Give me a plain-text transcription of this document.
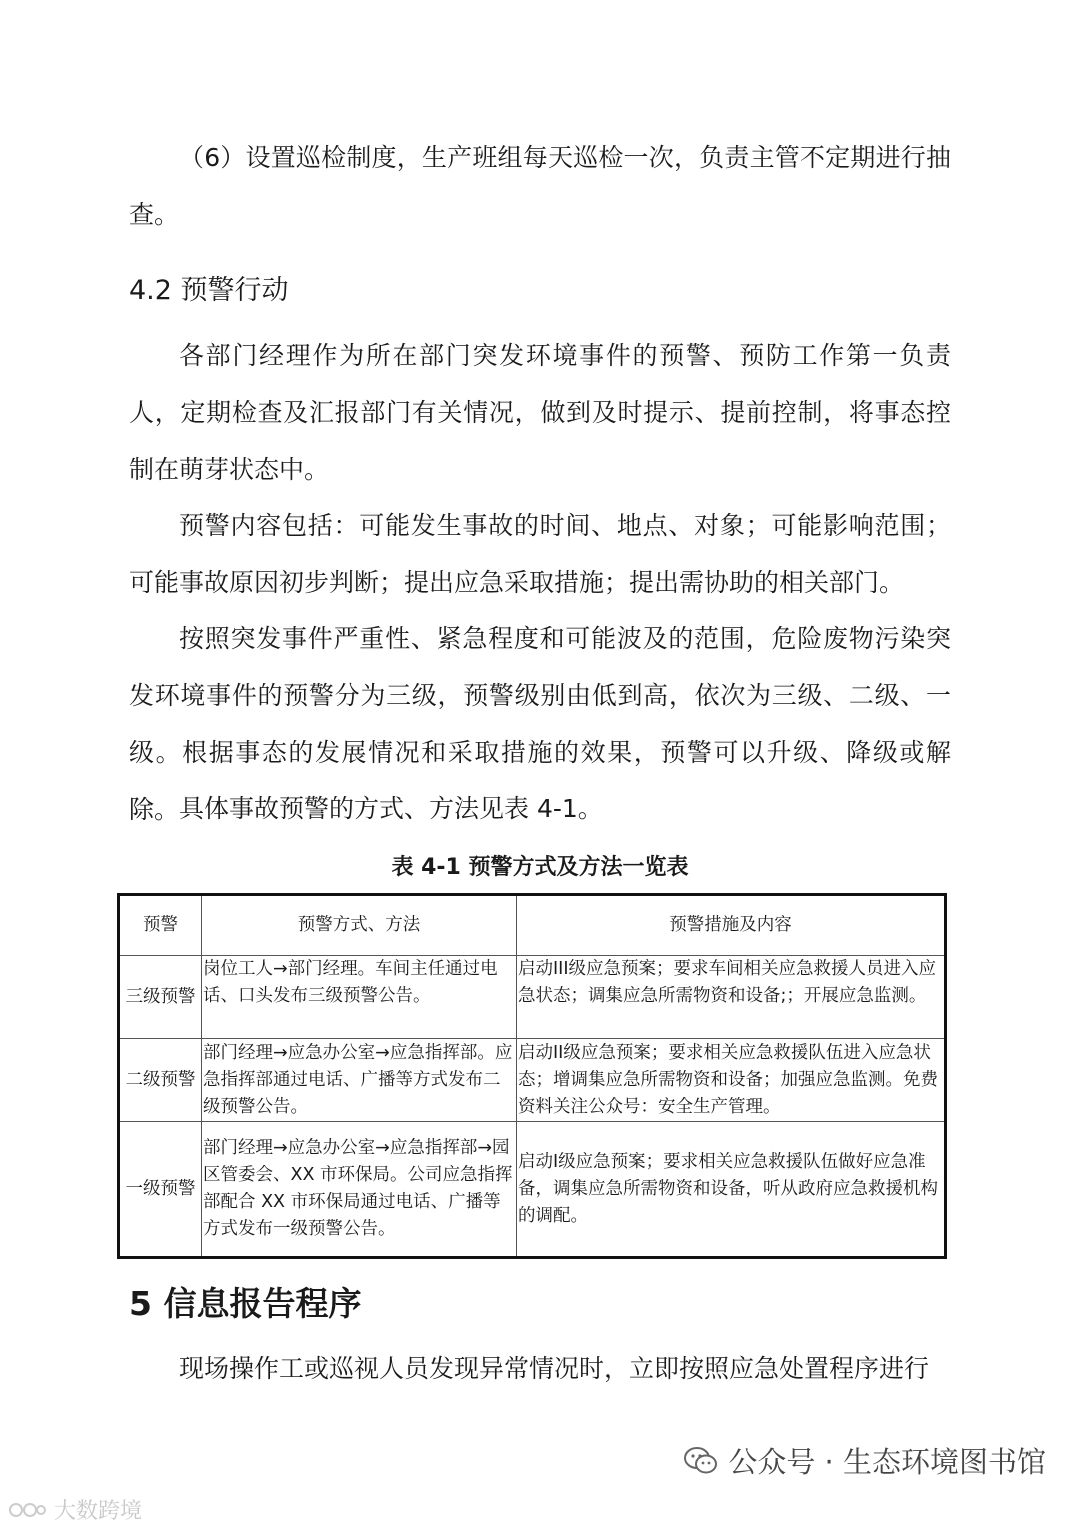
（6）设置巡检制度，生产班组每天巡检一次，负责主管不定期进行抽查。

4.2 预警行动

各部门经理作为所在部门突发环境事件的预警、预防工作第一负责人，定期检查及汇报部门有关情况，做到及时提示、提前控制，将事态控制在萌芽状态中。

预警内容包括：可能发生事故的时间、地点、对象；可能影响范围；可能事故原因初步判断；提出应急采取措施；提出需协助的相关部门。

按照突发事件严重性、紧急程度和可能波及的范围，危险废物污染突发环境事件的预警分为三级，预警级别由低到高，依次为三级、二级、一级。根据事态的发展情况和采取措施的效果，预警可以升级、降级或解除。 具体事故预警的方式、方法见表 4-1。

表 4-1 预警方式及方法一览表

预警	预警方式、方法	预警措施及内容
三级预警	岗位工人→部门经理。车间主任通过电话、口头发布三级预警公告。	启动III级应急预案；要求车间相关应急救援人员进入应急状态；调集应急所需物资和设备;；开展应急监测。
二级预警	部门经理→应急办公室→应急指挥部。应急指挥部通过电话、广播等方式发布二级预警公告。	启动II级应急预案；要求相关应急救援队伍进入应急状态；增调集应急所需物资和设备；加强应急监测。免费资料关注公众号：安全生产管理。
一级预警	部门经理→应急办公室→应急指挥部→园区管委会、XX 市环保局。公司应急指挥部配合 XX 市环保局通过电话、广播等方式发布一级预警公告。	启动I级应急预案；要求相关应急救援队伍做好应急准备，调集应急所需物资和设备，听从政府应急救援机构的调配。
5 信息报告程序

现场操作工或巡视人员发现异常情况时，立即按照应急处置程序进行

公众号 · 生态环境图书馆
大数跨境
